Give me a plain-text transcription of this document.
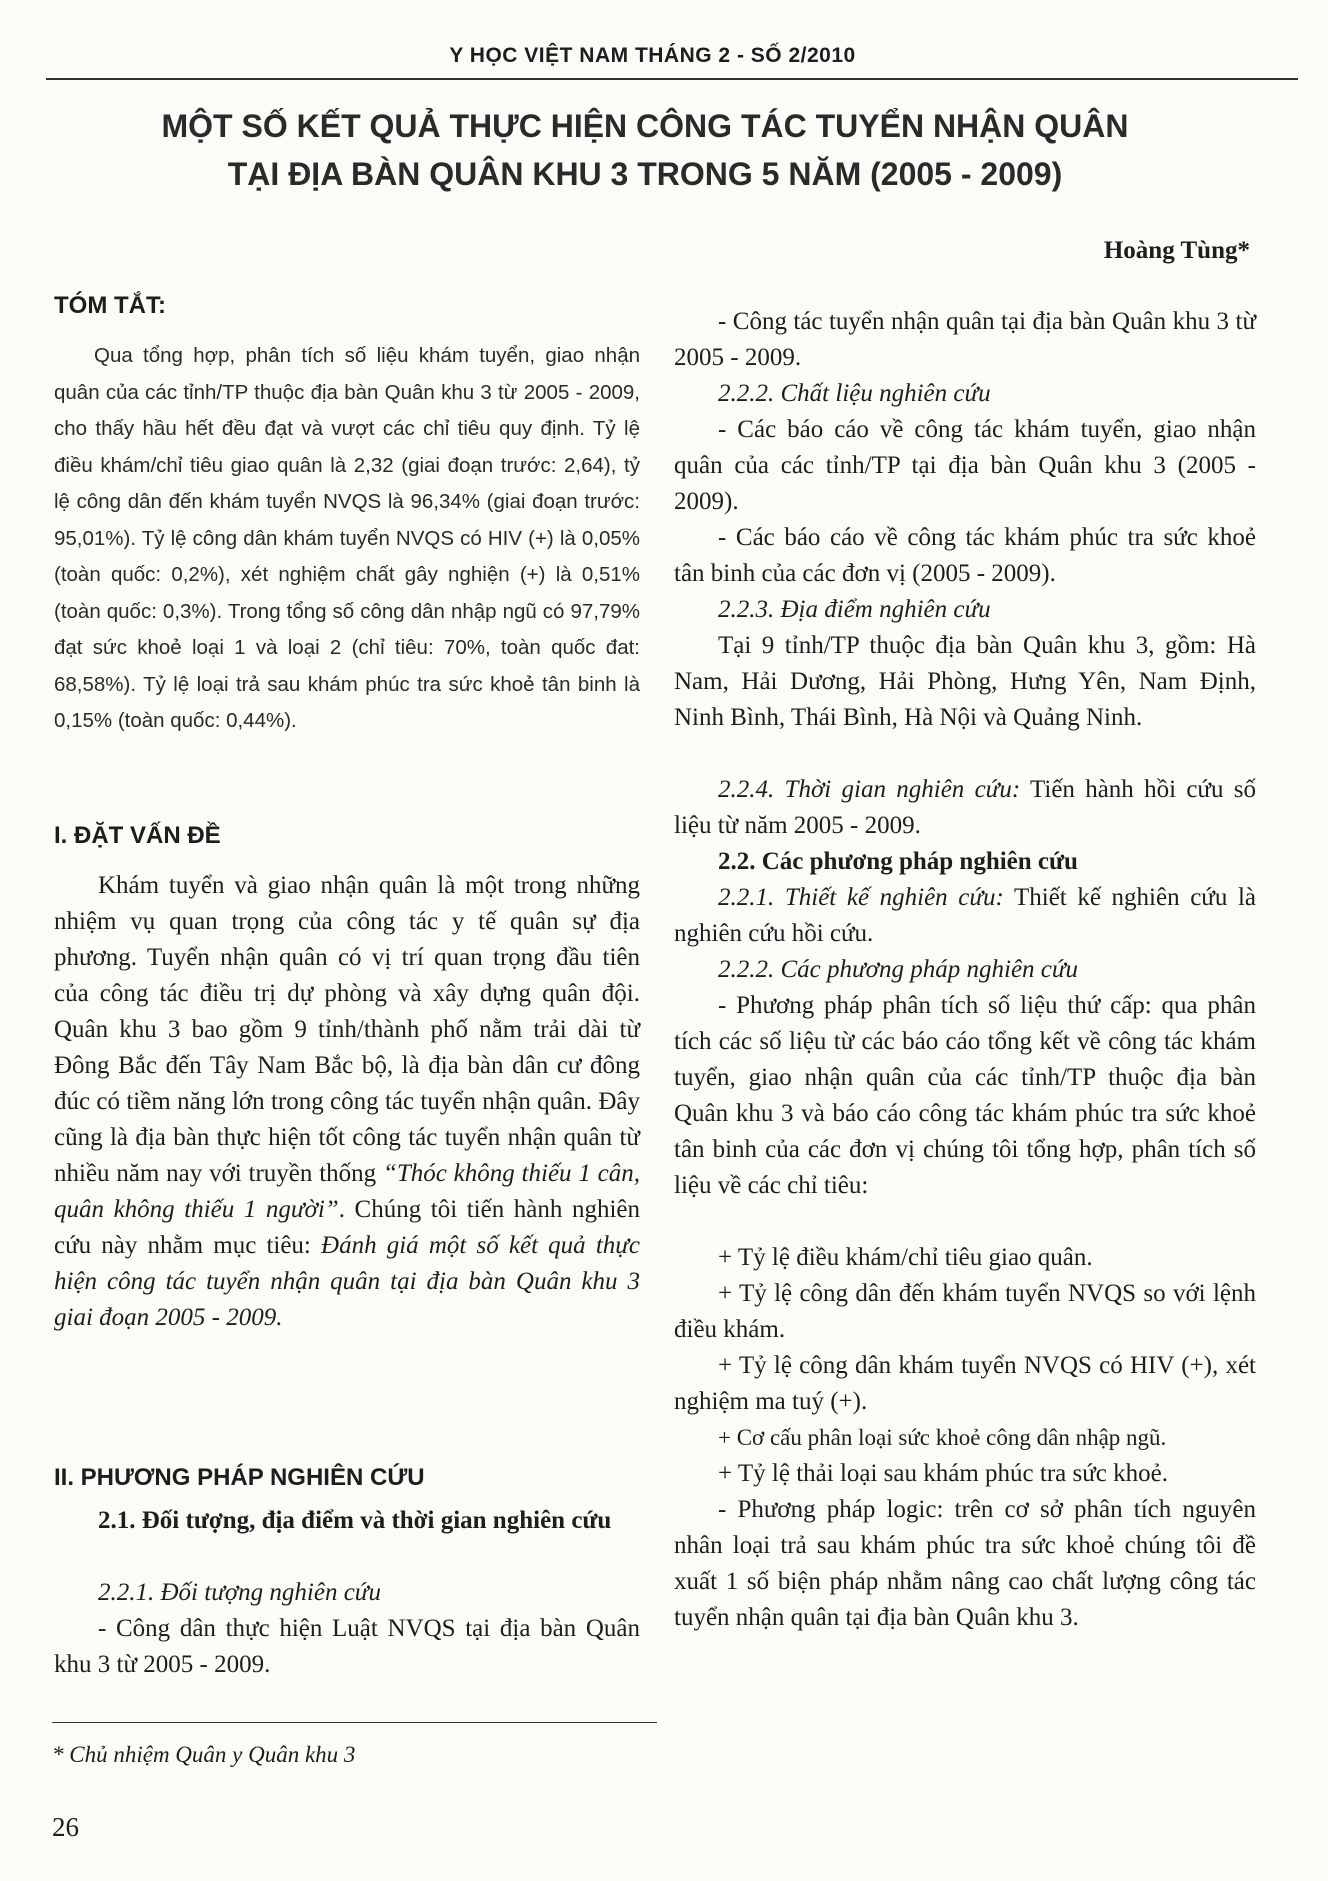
Y HỌC VIỆT NAM THÁNG 2 - SỐ 2/2010
MỘT SỐ KẾT QUẢ THỰC HIỆN CÔNG TÁC TUYỂN NHẬN QUÂN
TẠI ĐỊA BÀN QUÂN KHU 3 TRONG 5 NĂM (2005 - 2009)
Hoàng Tùng*
TÓM TẮT:

Qua tổng hợp, phân tích số liệu khám tuyển, giao nhận quân của các tỉnh/TP thuộc địa bàn Quân khu 3 từ 2005 - 2009, cho thấy hầu hết đều đạt và vượt các chỉ tiêu quy định. Tỷ lệ điều khám/chỉ tiêu giao quân là 2,32 (giai đoạn trước: 2,64), tỷ lệ công dân đến khám tuyển NVQS là 96,34% (giai đoạn trước: 95,01%). Tỷ lệ công dân khám tuyển NVQS có HIV (+) là 0,05% (toàn quốc: 0,2%), xét nghiệm chất gây nghiện (+) là 0,51% (toàn quốc: 0,3%). Trong tổng số công dân nhập ngũ có 97,79% đạt sức khoẻ loại 1 và loại 2 (chỉ tiêu: 70%, toàn quốc đat: 68,58%). Tỷ lệ loại trả sau khám phúc tra sức khoẻ tân binh là 0,15% (toàn quốc: 0,44%).

I. ĐẶT VẤN ĐỀ

Khám tuyển và giao nhận quân là một trong những nhiệm vụ quan trọng của công tác y tế quân sự địa phương. Tuyển nhận quân có vị trí quan trọng đầu tiên của công tác điều trị dự phòng và xây dựng quân đội. Quân khu 3 bao gồm 9 tỉnh/thành phố nằm trải dài từ Đông Bắc đến Tây Nam Bắc bộ, là địa bàn dân cư đông đúc có tiềm năng lớn trong công tác tuyển nhận quân. Đây cũng là địa bàn thực hiện tốt công tác tuyển nhận quân từ nhiều năm nay với truyền thống “Thóc không thiếu 1 cân, quân không thiếu 1 người”. Chúng tôi tiến hành nghiên cứu này nhằm mục tiêu: Đánh giá một số kết quả thực hiện công tác tuyển nhận quân tại địa bàn Quân khu 3 giai đoạn 2005 - 2009.

II. PHƯƠNG PHÁP NGHIÊN CỨU

2.1. Đối tượng, địa điểm và thời gian nghiên cứu

2.2.1. Đối tượng nghiên cứu

- Công dân thực hiện Luật NVQS tại địa bàn Quân khu 3 từ 2005 - 2009.

* Chủ nhiệm Quân y Quân khu 3
26

- Công tác tuyển nhận quân tại địa bàn Quân khu 3 từ 2005 - 2009.

2.2.2. Chất liệu nghiên cứu

- Các báo cáo về công tác khám tuyển, giao nhận quân của các tỉnh/TP tại địa bàn Quân khu 3 (2005 - 2009).

- Các báo cáo về công tác khám phúc tra sức khoẻ tân binh của các đơn vị (2005 - 2009).

2.2.3. Địa điểm nghiên cứu

Tại 9 tỉnh/TP thuộc địa bàn Quân khu 3, gồm: Hà Nam, Hải Dương, Hải Phòng, Hưng Yên, Nam Định, Ninh Bình, Thái Bình, Hà Nội và Quảng Ninh.

2.2.4. Thời gian nghiên cứu: Tiến hành hồi cứu số liệu từ năm 2005 - 2009.

2.2. Các phương pháp nghiên cứu

2.2.1. Thiết kế nghiên cứu: Thiết kế nghiên cứu là nghiên cứu hồi cứu.

2.2.2. Các phương pháp nghiên cứu

- Phương pháp phân tích số liệu thứ cấp: qua phân tích các số liệu từ các báo cáo tổng kết về công tác khám tuyển, giao nhận quân của các tỉnh/TP thuộc địa bàn Quân khu 3 và báo cáo công tác khám phúc tra sức khoẻ tân binh của các đơn vị chúng tôi tổng hợp, phân tích số liệu về các chỉ tiêu:

+ Tỷ lệ điều khám/chỉ tiêu giao quân.

+ Tỷ lệ công dân đến khám tuyển NVQS so với lệnh điều khám.

+ Tỷ lệ công dân khám tuyển NVQS có HIV (+), xét nghiệm ma tuý (+).

+ Cơ cấu phân loại sức khoẻ công dân nhập ngũ.

+ Tỷ lệ thải loại sau khám phúc tra sức khoẻ.

- Phương pháp logic: trên cơ sở phân tích nguyên nhân loại trả sau khám phúc tra sức khoẻ chúng tôi đề xuất 1 số biện pháp nhằm nâng cao chất lượng công tác tuyển nhận quân tại địa bàn Quân khu 3.
